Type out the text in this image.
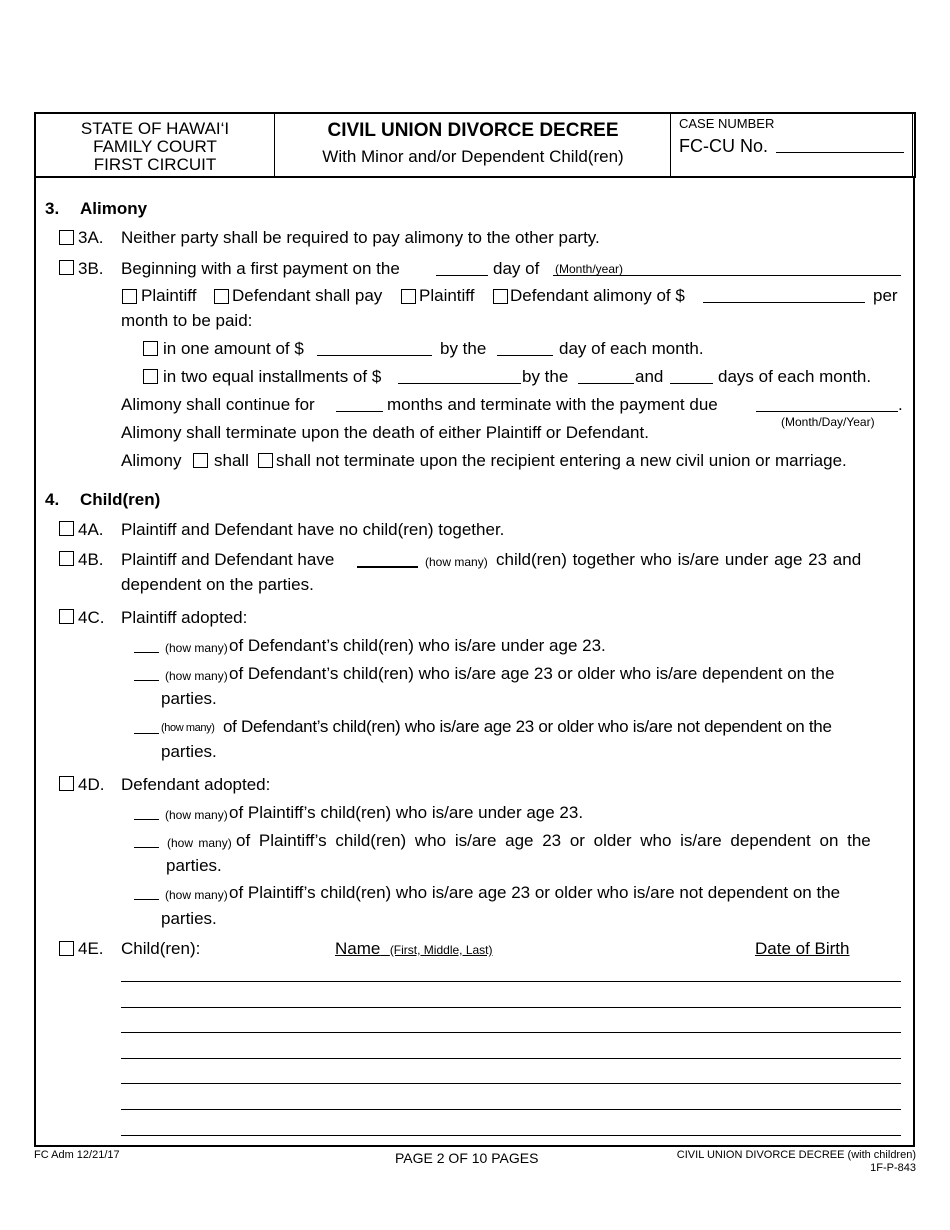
STATE OF HAWAI‘I
FAMILY COURT
FIRST CIRCUIT
CIVIL UNION DIVORCE DECREE
With Minor and/or Dependent Child(ren)
CASE NUMBER
FC-CU No.
3. Alimony
3A. Neither party shall be required to pay alimony to the other party.
3B. Beginning with a first payment on the	day of (Month/year)
Plaintiff Defendant shall pay Plaintiff Defendant alimony of $	per
month to be paid:
in one amount of $	by the	day of each month.
in two equal installments of $	by the	and	days of each month.
Alimony shall continue for	months and terminate with the payment due	.
(Month/Day/Year)
Alimony shall terminate upon the death of either Plaintiff or Defendant.
Alimony shall shall not terminate upon the recipient entering a new civil union or marriage.
4. Child(ren)
4A. Plaintiff and Defendant have no child(ren) together.
4B. Plaintiff and Defendant have	(how many) child(ren) together who is/are under age 23 and
dependent on the parties.
4C. Plaintiff adopted:
(how many) of Defendant’s child(ren) who is/are under age 23.
(how many) of Defendant’s child(ren) who is/are age 23 or older who is/are dependent on the
parties.
(how many) of Defendant’s child(ren) who is/are age 23 or older who is/are not dependent on the
parties.
4D. Defendant adopted:
(how many) of Plaintiff’s child(ren) who is/are under age 23.
(how many) of Plaintiff’s child(ren) who is/are age 23 or older who is/are dependent on the
parties.
(how many) of Plaintiff’s child(ren) who is/are age 23 or older who is/are not dependent on the
parties.
4E. Child(ren):	Name (First, Middle, Last)	Date of Birth
FC Adm 12/21/17	PAGE 2 OF 10 PAGES	CIVIL UNION DIVORCE DECREE (with children)
1F-P-843
